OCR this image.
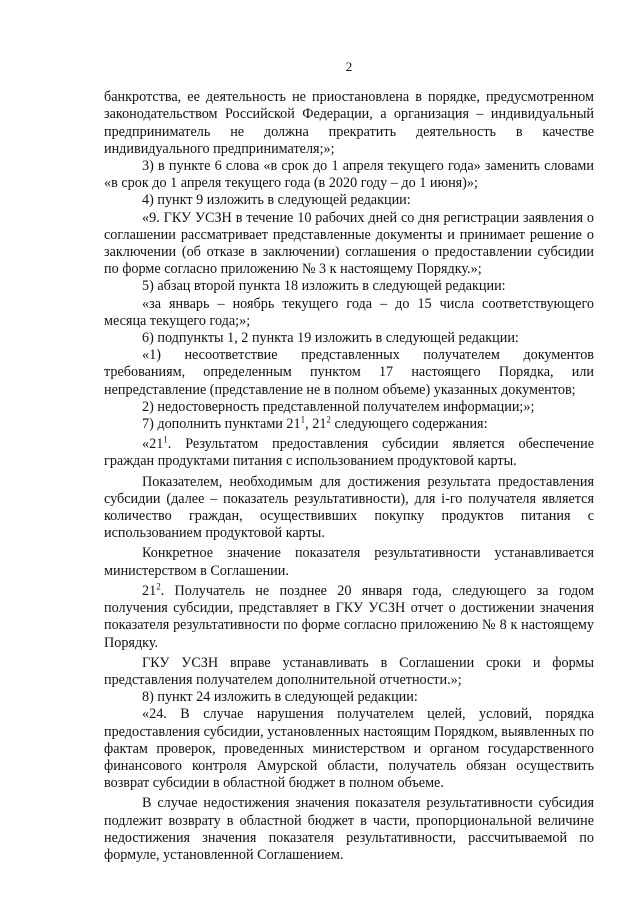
2

банкротства, ее деятельность не приостановлена в порядке, предусмотренном законодательством Российской Федерации, а организация – индивидуальный предприниматель не должна прекратить деятельность в качестве индивидуального предпринимателя;»;

3) в пункте 6 слова «в срок до 1 апреля текущего года» заменить словами «в срок до 1 апреля текущего года (в 2020 году – до 1 июня)»;

4) пункт 9 изложить в следующей редакции:

«9. ГКУ УСЗН в течение 10 рабочих дней со дня регистрации заявления о соглашении рассматривает представленные документы и принимает решение о заключении (об отказе в заключении) соглашения о предоставлении субсидии по форме согласно приложению № 3 к настоящему Порядку.»;

5) абзац второй пункта 18 изложить в следующей редакции:

«за январь – ноябрь текущего года – до 15 числа соответствующего месяца текущего года;»;

6) подпункты 1, 2 пункта 19 изложить в следующей редакции:

«1) несоответствие представленных получателем документов требованиям, определенным пунктом 17 настоящего Порядка, или непредставление (представление не в полном объеме) указанных документов;

2) недостоверность представленной получателем информации;»;

7) дополнить пунктами $21^1$, $21^2$ следующего содержания:

«$21^1$. Результатом предоставления субсидии является обеспечение граждан продуктами питания с использованием продуктовой карты.

Показателем, необходимым для достижения результата предоставления субсидии (далее – показатель результативности), для i-го получателя является количество граждан, осуществивших покупку продуктов питания с использованием продуктовой карты.

Конкретное значение показателя результативности устанавливается министерством в Соглашении.

$21^2$. Получатель не позднее 20 января года, следующего за годом получения субсидии, представляет в ГКУ УСЗН отчет о достижении значения показателя результативности по форме согласно приложению № 8 к настоящему Порядку.

ГКУ УСЗН вправе устанавливать в Соглашении сроки и формы представления получателем дополнительной отчетности.»;

8) пункт 24 изложить в следующей редакции:

«24. В случае нарушения получателем целей, условий, порядка предоставления субсидии, установленных настоящим Порядком, выявленных по фактам проверок, проведенных министерством и органом государственного финансового контроля Амурской области, получатель обязан осуществить возврат субсидии в областной бюджет в полном объеме.

В случае недостижения значения показателя результативности субсидия подлежит возврату в областной бюджет в части, пропорциональной величине недостижения значения показателя результативности, рассчитываемой по формуле, установленной Соглашением.
